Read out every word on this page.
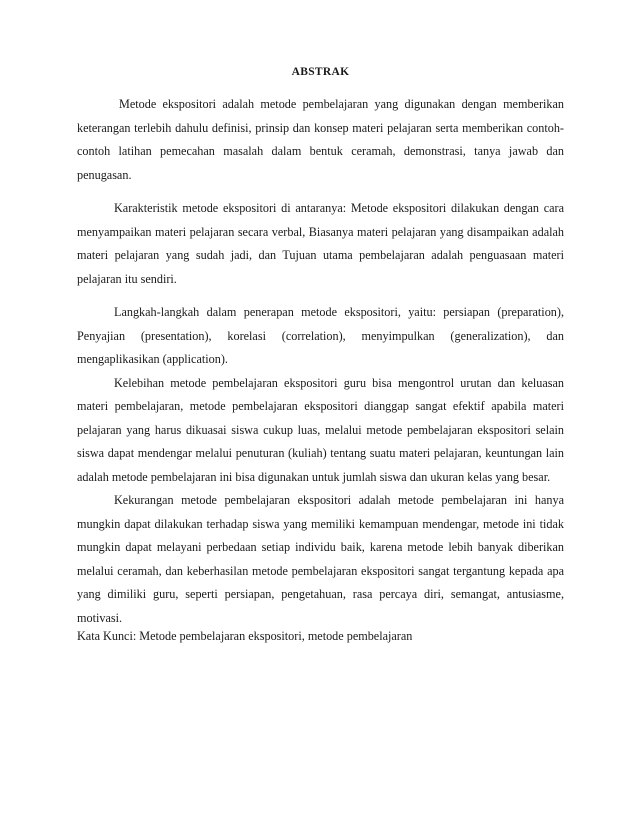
ABSTRAK

Metode ekspositori adalah metode pembelajaran yang digunakan dengan memberikan keterangan terlebih dahulu definisi, prinsip dan konsep materi pelajaran serta memberikan contoh-contoh latihan pemecahan masalah dalam bentuk ceramah, demonstrasi, tanya jawab dan penugasan.

Karakteristik metode ekspositori di antaranya: Metode ekspositori dilakukan dengan cara menyampaikan materi pelajaran secara verbal, Biasanya materi pelajaran yang disampaikan adalah materi pelajaran yang sudah jadi, dan Tujuan utama pembelajaran adalah penguasaan materi pelajaran itu sendiri.

Langkah-langkah dalam penerapan metode ekspositori, yaitu: persiapan (preparation), Penyajian (presentation), korelasi (correlation), menyimpulkan (generalization), dan mengaplikasikan (application).

Kelebihan metode pembelajaran ekspositori guru bisa mengontrol urutan dan keluasan materi pembelajaran, metode pembelajaran ekspositori dianggap sangat efektif apabila materi pelajaran yang harus dikuasai siswa cukup luas, melalui metode pembelajaran ekspositori selain siswa dapat mendengar melalui penuturan (kuliah) tentang suatu materi pelajaran, keuntungan lain adalah metode pembelajaran ini bisa digunakan untuk jumlah siswa dan ukuran kelas yang besar.

Kekurangan metode pembelajaran ekspositori adalah metode pembelajaran ini hanya mungkin dapat dilakukan terhadap siswa yang memiliki kemampuan mendengar, metode ini tidak mungkin dapat melayani perbedaan setiap individu baik, karena metode lebih banyak diberikan melalui ceramah, dan keberhasilan metode pembelajaran ekspositori sangat tergantung kepada apa yang dimiliki guru, seperti persiapan, pengetahuan, rasa percaya diri, semangat, antusiasme, motivasi.

Kata Kunci: Metode pembelajaran ekspositori, metode pembelajaran
